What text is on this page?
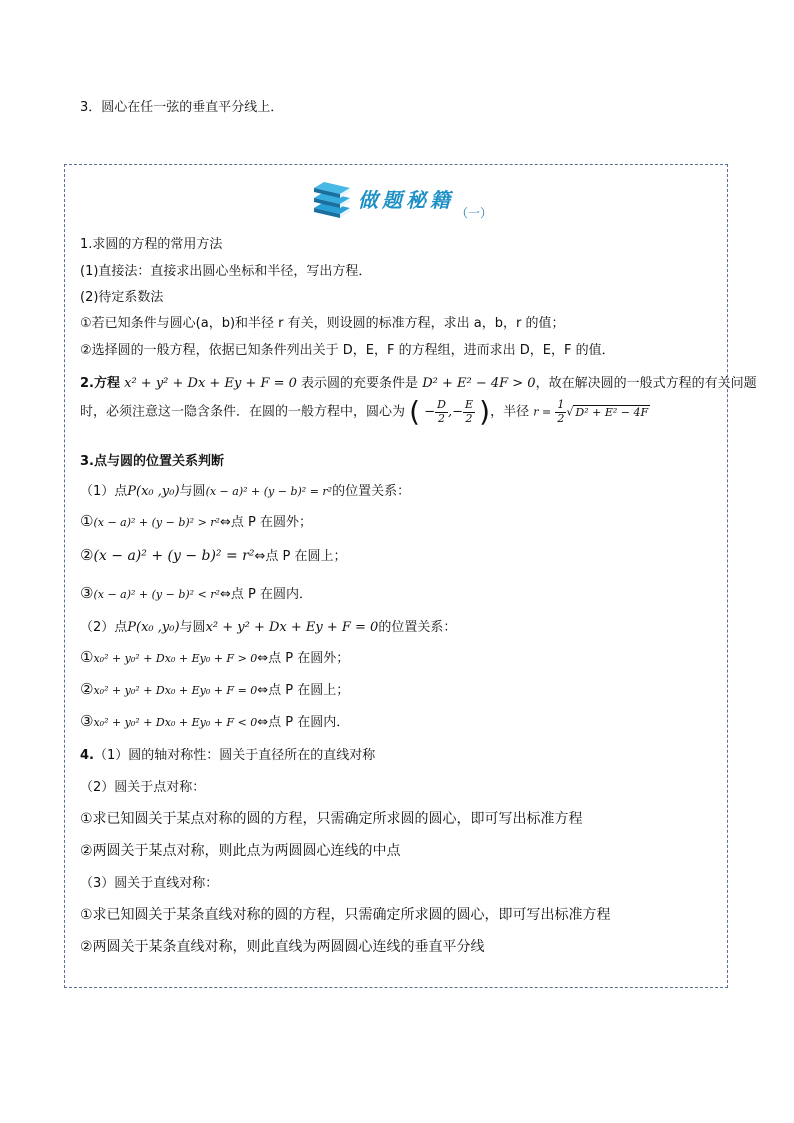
3．圆心在任一弦的垂直平分线上．
做题秘籍
（一）
1.求圆的方程的常用方法
(1)直接法：直接求出圆心坐标和半径，写出方程．
(2)待定系数法
①若已知条件与圆心(a，b)和半径 r 有关，则设圆的标准方程，求出 a，b，r 的值；
②选择圆的一般方程，依据已知条件列出关于 D，E，F 的方程组，进而求出 D，E，F 的值．
2.方程 x² + y² + Dx + Ey + F = 0 表示圆的充要条件是 D² + E² − 4F > 0，故在解决圆的一般式方程的有关问题
时，必须注意这一隐含条件．在圆的一般方程中，圆心为 ( − $\frac{D}{2}$ ,− $\frac{E}{2}$ )，半径 $r = \frac{1}{2}$ √ D² + E² − 4F
3.点与圆的位置关系判断
（1）点P(x₀ ,y₀)与圆(x − a)² + (y − b)² = r²的位置关系：
①(x − a)² + (y − b)² > r²⇔点 P 在圆外；
②(x − a)² + (y − b)² = r²⇔点 P 在圆上；
③(x − a)² + (y − b)² < r²⇔点 P 在圆内．
（2）点P(x₀ ,y₀)与圆x² + y² + Dx + Ey + F = 0的位置关系：
①x₀² + y₀² + Dx₀ + Ey₀ + F > 0⇔点 P 在圆外；
②x₀² + y₀² + Dx₀ + Ey₀ + F = 0⇔点 P 在圆上；
③x₀² + y₀² + Dx₀ + Ey₀ + F < 0⇔点 P 在圆内．
4.（1）圆的轴对称性：圆关于直径所在的直线对称
（2）圆关于点对称：
①求已知圆关于某点对称的圆的方程，只需确定所求圆的圆心，即可写出标准方程
②两圆关于某点对称，则此点为两圆圆心连线的中点
（3）圆关于直线对称：
①求已知圆关于某条直线对称的圆的方程，只需确定所求圆的圆心，即可写出标准方程
②两圆关于某条直线对称，则此直线为两圆圆心连线的垂直平分线
